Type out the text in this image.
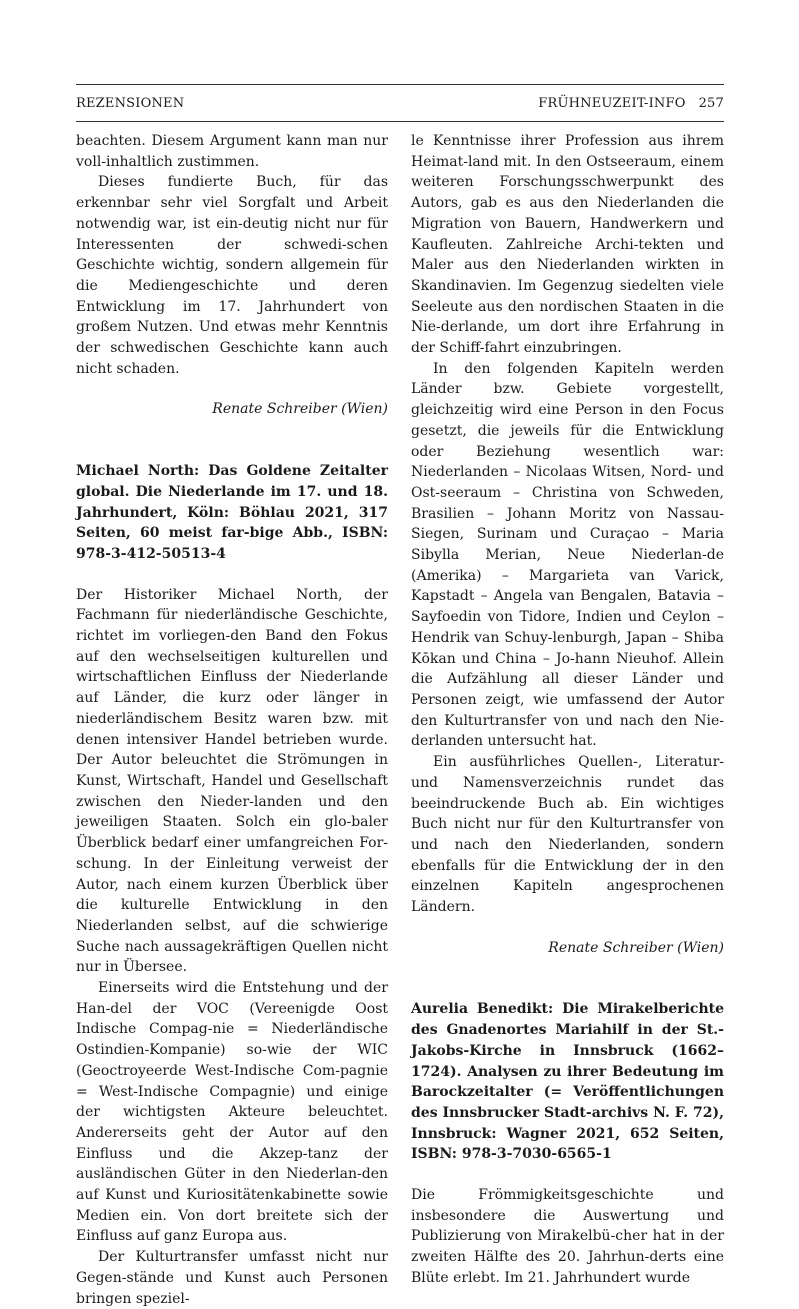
REZENSIONEN	FRÜHNEUZEIT-INFO   257

beachten. Diesem Argument kann man nur voll-inhaltlich zustimmen.

Dieses fundierte Buch, für das erkennbar sehr viel Sorgfalt und Arbeit notwendig war, ist ein-deutig nicht nur für Interessenten der schwedi-schen Geschichte wichtig, sondern allgemein für die Mediengeschichte und deren Entwicklung im 17. Jahrhundert von großem Nutzen. Und etwas mehr Kenntnis der schwedischen Geschichte kann auch nicht schaden.

Renate Schreiber (Wien)

Michael North: Das Goldene Zeitalter global. Die Niederlande im 17. und 18. Jahrhundert, Köln: Böhlau 2021, 317 Seiten, 60 meist far-bige Abb., ISBN: 978-3-412-50513-4

Der Historiker Michael North, der Fachmann für niederländische Geschichte, richtet im vorliegen-den Band den Fokus auf den wechselseitigen kulturellen und wirtschaftlichen Einfluss der Niederlande auf Länder, die kurz oder länger in niederländischem Besitz waren bzw. mit denen intensiver Handel betrieben wurde. Der Autor beleuchtet die Strömungen in Kunst, Wirtschaft, Handel und Gesellschaft zwischen den Nieder-landen und den jeweiligen Staaten. Solch ein glo-baler Überblick bedarf einer umfangreichen For-schung. In der Einleitung verweist der Autor, nach einem kurzen Überblick über die kulturelle Entwicklung in den Niederlanden selbst, auf die schwierige Suche nach aussagekräftigen Quellen nicht nur in Übersee.

Einerseits wird die Entstehung und der Han-del der VOC (Vereenigde Oost Indische Compag-nie = Niederländische Ostindien-Kompanie) so-wie der WIC (Geoctroyeerde West-Indische Com-pagnie = West-Indische Compagnie) und einige der wichtigsten Akteure beleuchtet. Andererseits geht der Autor auf den Einfluss und die Akzep-tanz der ausländischen Güter in den Niederlan-den auf Kunst und Kuriositätenkabinette sowie Medien ein. Von dort breitete sich der Einfluss auf ganz Europa aus.

Der Kulturtransfer umfasst nicht nur Gegen-stände und Kunst auch Personen bringen speziel-

le Kenntnisse ihrer Profession aus ihrem Heimat-land mit. In den Ostseeraum, einem weiteren Forschungsschwerpunkt des Autors, gab es aus den Niederlanden die Migration von Bauern, Handwerkern und Kaufleuten. Zahlreiche Archi-tekten und Maler aus den Niederlanden wirkten in Skandinavien. Im Gegenzug siedelten viele Seeleute aus den nordischen Staaten in die Nie-derlande, um dort ihre Erfahrung in der Schiff-fahrt einzubringen.

In den folgenden Kapiteln werden Länder bzw. Gebiete vorgestellt, gleichzeitig wird eine Person in den Focus gesetzt, die jeweils für die Entwicklung oder Beziehung wesentlich war: Niederlanden – Nicolaas Witsen, Nord- und Ost-seeraum – Christina von Schweden, Brasilien – Johann Moritz von Nassau-Siegen, Surinam und Curaçao – Maria Sibylla Merian, Neue Niederlan-de (Amerika) – Margarieta van Varick, Kapstadt – Angela van Bengalen, Batavia – Sayfoedin von Tidore, Indien und Ceylon – Hendrik van Schuy-lenburgh, Japan – Shiba Kōkan und China – Jo-hann Nieuhof. Allein die Aufzählung all dieser Länder und Personen zeigt, wie umfassend der Autor den Kulturtransfer von und nach den Nie-derlanden untersucht hat.

Ein ausführliches Quellen-, Literatur- und Namensverzeichnis rundet das beeindruckende Buch ab. Ein wichtiges Buch nicht nur für den Kulturtransfer von und nach den Niederlanden, sondern ebenfalls für die Entwicklung der in den einzelnen Kapiteln angesprochenen Ländern.

Renate Schreiber (Wien)

Aurelia Benedikt: Die Mirakelberichte des Gnadenortes Mariahilf in der St.-Jakobs-Kirche in Innsbruck (1662–1724). Analysen zu ihrer Bedeutung im Barockzeitalter (= Veröffentlichungen des Innsbrucker Stadt-archivs N. F. 72), Innsbruck: Wagner 2021, 652 Seiten, ISBN: 978-3-7030-6565-1

Die Frömmigkeitsgeschichte und insbesondere die Auswertung und Publizierung von Mirakelbü-cher hat in der zweiten Hälfte des 20. Jahrhun-derts eine Blüte erlebt. Im 21. Jahrhundert wurde
